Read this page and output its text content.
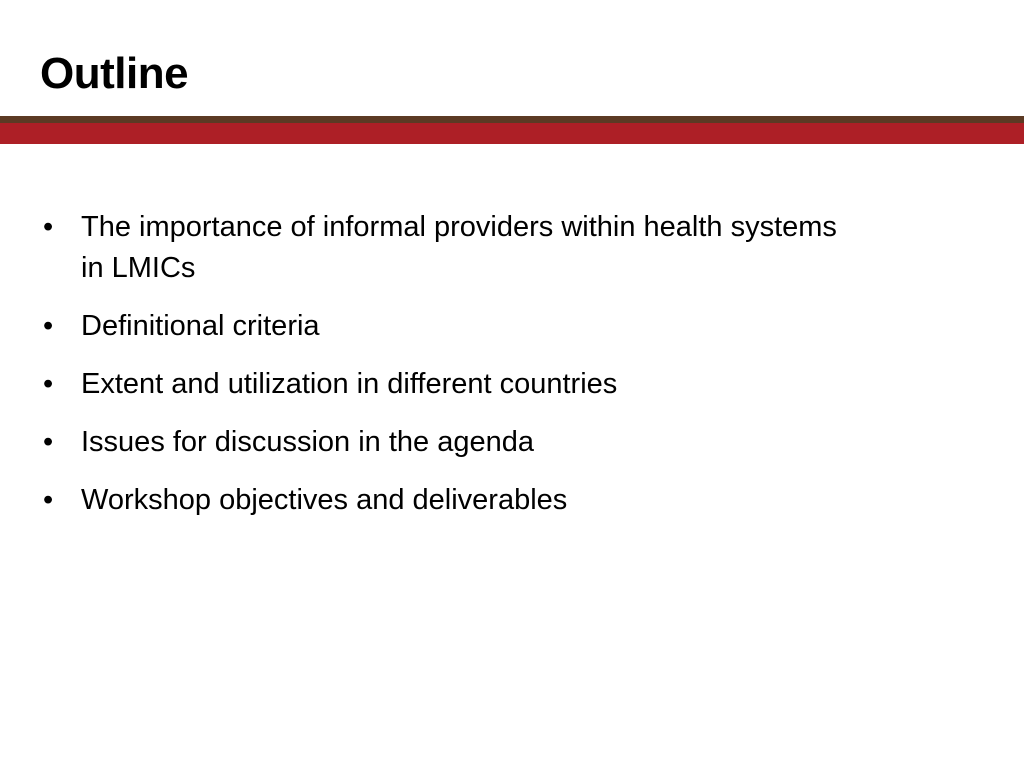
Outline
• The importance of informal providers within health systems in LMICs
• Definitional criteria
• Extent and utilization in different countries
• Issues for discussion in the agenda
• Workshop objectives and deliverables
